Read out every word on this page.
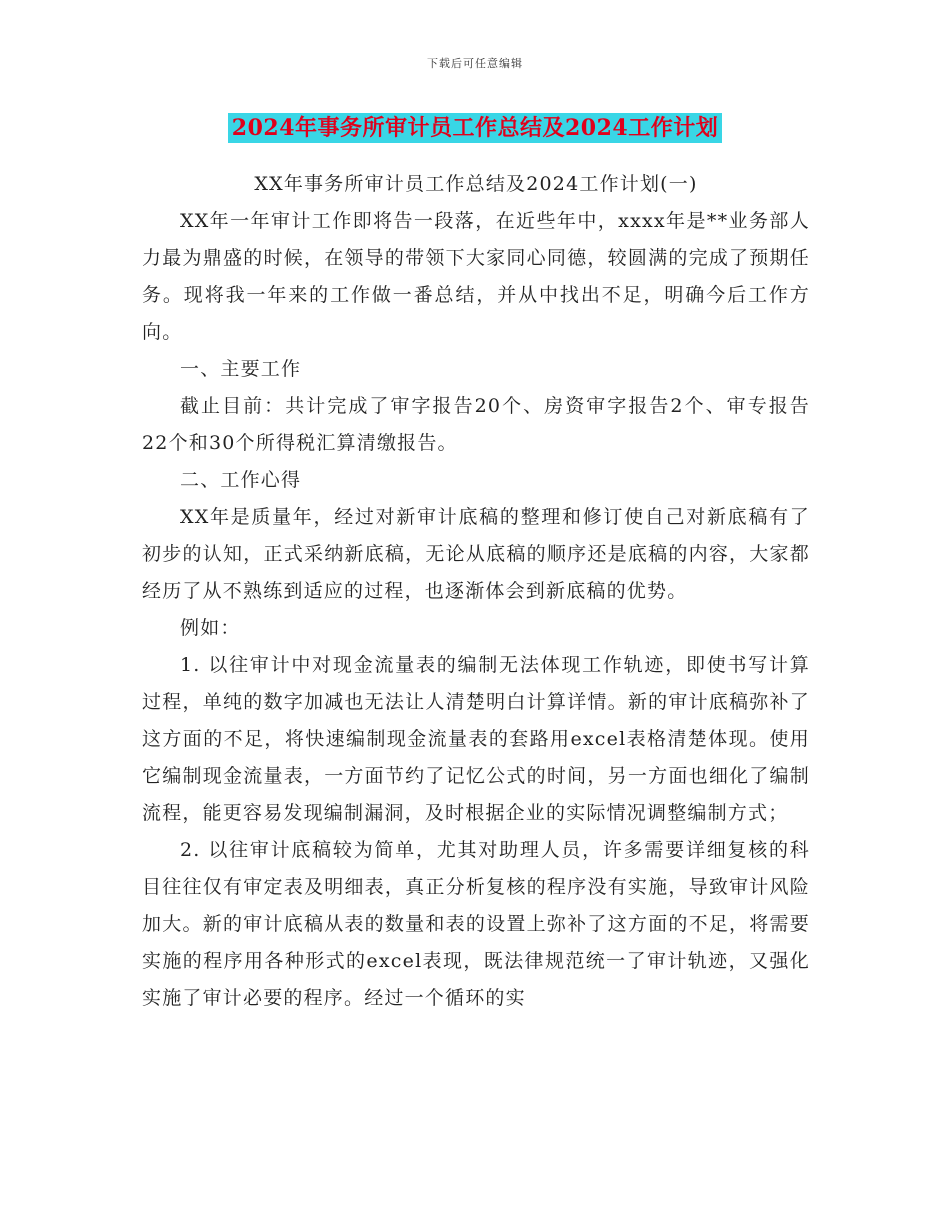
下载后可任意编辑
2024年事务所审计员工作总结及2024工作计划

XX年事务所审计员工作总结及2024工作计划(一)

XX年一年审计工作即将告一段落，在近些年中，xxxx年是**业务部人力最为鼎盛的时候，在领导的带领下大家同心同德，较圆满的完成了预期任务。现将我一年来的工作做一番总结，并从中找出不足，明确今后工作方向。

一、主要工作

截止目前：共计完成了审字报告20个、房资审字报告2个、审专报告22个和30个所得税汇算清缴报告。

二、工作心得

XX年是质量年，经过对新审计底稿的整理和修订使自己对新底稿有了初步的认知，正式采纳新底稿，无论从底稿的顺序还是底稿的内容，大家都经历了从不熟练到适应的过程，也逐渐体会到新底稿的优势。

例如：

1. 以往审计中对现金流量表的编制无法体现工作轨迹，即使书写计算过程，单纯的数字加减也无法让人清楚明白计算详情。新的审计底稿弥补了这方面的不足，将快速编制现金流量表的套路用excel表格清楚体现。使用它编制现金流量表，一方面节约了记忆公式的时间，另一方面也细化了编制流程，能更容易发现编制漏洞，及时根据企业的实际情况调整编制方式；

2. 以往审计底稿较为简单，尤其对助理人员，许多需要详细复核的科目往往仅有审定表及明细表，真正分析复核的程序没有实施，导致审计风险加大。新的审计底稿从表的数量和表的设置上弥补了这方面的不足，将需要实施的程序用各种形式的excel表现，既法律规范统一了审计轨迹，又强化实施了审计必要的程序。经过一个循环的实
